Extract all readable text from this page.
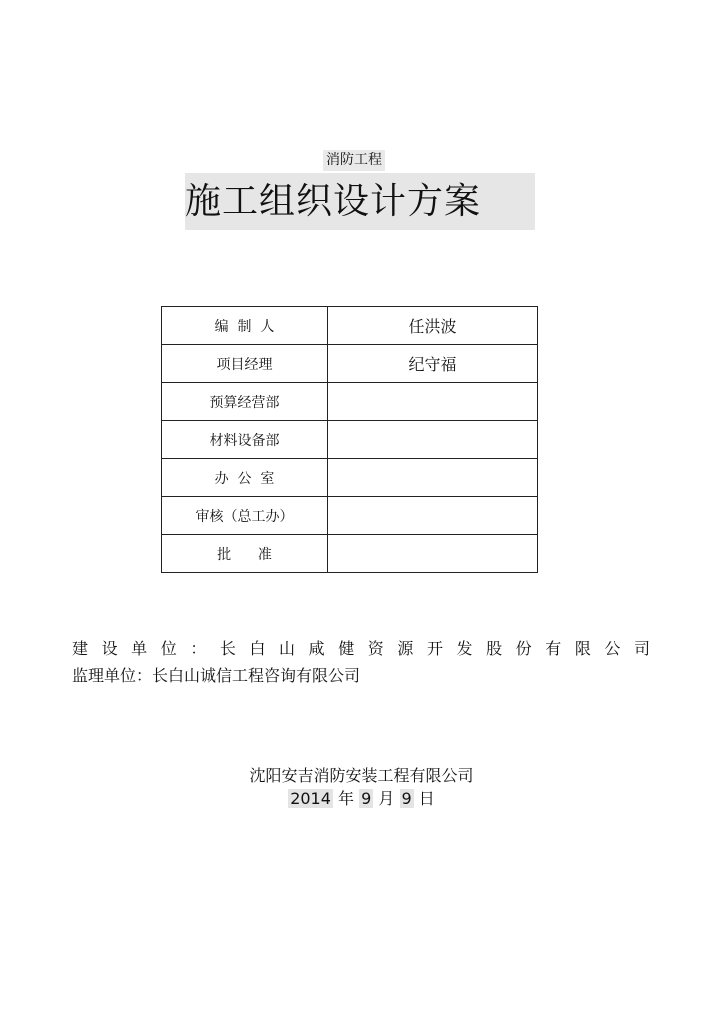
消防工程
施工组织设计方案
编  制  人	任洪波
项目经理	纪守福
预算经营部	
材料设备部	
办  公  室	
审核（总工办）	
批      准	
建设单位：长白山咸健资源开发股份有限公司
监理单位：长白山诚信工程咨询有限公司
沈阳安吉消防安装工程有限公司
2014 年 9 月 9 日
